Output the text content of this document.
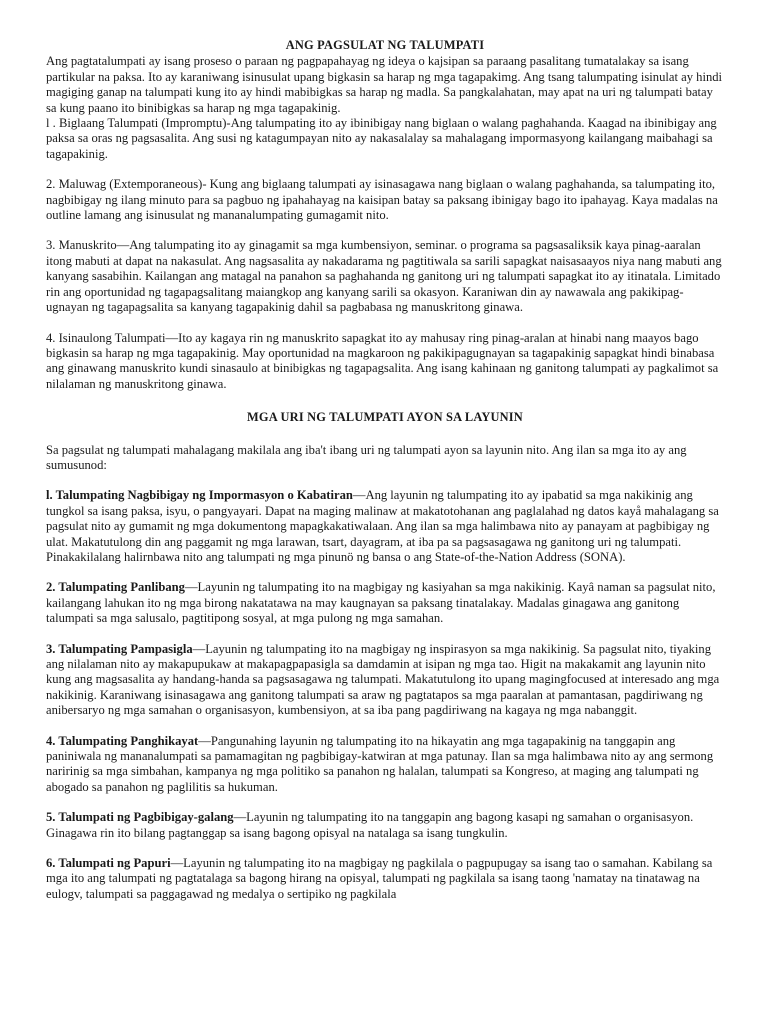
ANG PAGSULAT NG TALUMPATI

Ang pagtatalumpati ay isang proseso o paraan ng pagpapahayag ng ideya o kajsipan sa paraang pasalitang tumatalakay sa isang partikular na paksa. Ito ay karaniwang isinusulat upang bigkasin sa harap ng mga tagapakimg. Ang tsang talumpating isinulat ay hindi magiging ganap na talumpati kung ito ay hindi mabibigkas sa harap ng madla. Sa pangkalahatan, may apat na uri ng talumpati batay sa kung paano ito binibigkas sa harap ng mga tagapakinig.

l . Biglaang Talumpati (Impromptu)-Ang talumpating ito ay ibinibigay nang biglaan o walang paghahanda. Kaagad na ibinibigay ang paksa sa oras ng pagsasalita. Ang susi ng katagumpayan nito ay nakasalalay sa mahalagang impormasyong kailangang maibahagi sa tagapakinig.

2. Maluwag (Extemporaneous)- Kung ang biglaang talumpati ay isinasagawa nang biglaan o walang paghahanda, sa talumpating ito, nagbibigay ng ilang minuto para sa pagbuo ng ipahahayag na kaisipan batay sa paksang ibinigay bago ito ipahayag. Kaya madalas na outline lamang ang isinusulat ng mananalumpating gumagamit nito.

3. Manuskrito—Ang talumpating ito ay ginagamit sa mga kumbensiyon, seminar. o programa sa pagsasaliksik kaya pinag-aaralan itong mabuti at dapat na nakasulat. Ang nagsasalita ay nakadarama ng pagtitiwala sa sarili sapagkat naisasaayos niya nang mabuti ang kanyang sasabihin. Kailangan ang matagal na panahon sa paghahanda ng ganitong uri ng talumpati sapagkat ito ay itinatala. Limitado rin ang oportunidad ng tagapagsalitang maiangkop ang kanyang sarili sa okasyon. Karaniwan din ay nawawala ang pakikipag-ugnayan ng tagapagsalita sa kanyang tagapakinig dahil sa pagbabasa ng manuskritong ginawa.

4. Isinaulong Talumpati—Ito ay kagaya rin ng manuskrito sapagkat ito ay mahusay ring pinag-aralan at hinabi nang maayos bago bigkasin sa harap ng mga tagapakinig. May oportunidad na magkaroon ng pakikipagugnayan sa tagapakinig sapagkat hindi binabasa ang ginawang manuskrito kundi sinasaulo at binibigkas ng tagapagsalita. Ang isang kahinaan ng ganitong talumpati ay pagkalimot sa nilalaman ng manuskritong ginawa.

MGA URI NG TALUMPATI AYON SA LAYUNIN

Sa pagsulat ng talumpati mahalagang makilala ang iba't ibang uri ng talumpati ayon sa layunin nito. Ang ilan sa mga ito ay ang sumusunod:

l. Talumpating Nagbibigay ng Impormasyon o Kabatiran—Ang layunin ng talumpating ito ay ipabatid sa mga nakikinig ang tungkol sa isang paksa, isyu, o pangyayari. Dapat na maging malinaw at makatotohanan ang paglalahad ng datos kayå mahalagang sa pagsulat nito ay gumamit ng mga dokumentong mapagkakatiwalaan. Ang ilan sa mga halimbawa nito ay panayam at pagbibigay ng ulat. Makatutulong din ang paggamit ng mga larawan, tsart, dayagram, at iba pa sa pagsasagawa ng ganitong uri ng talumpati. Pinakakilalang halirnbawa nito ang talumpati ng mga pinunö ng bansa o ang State-of-the-Nation Address (SONA).

2. Talumpating Panlibang—Layunin ng talumpating ito na magbigay ng kasiyahan sa mga nakikinig. Kayâ naman sa pagsulat nito, kailangang lahukan ito ng mga birong nakatatawa na may kaugnayan sa paksang tinatalakay. Madalas ginagawa ang ganitong talumpati sa mga salusalo, pagtitipong sosyal, at mga pulong ng mga samahan.

3. Talumpating Pampasigla—Layunin ng talumpating ito na magbigay ng inspirasyon sa mga nakikinig. Sa pagsulat nito, tiyaking ang nilalaman nito ay makapupukaw at makapagpapasigla sa damdamin at isipan ng mga tao. Higit na makakamit ang layunin nito kung ang magsasalita ay handang-handa sa pagsasagawa ng talumpati. Makatutulong ito upang magingfocused at interesado ang mga nakikinig. Karaniwang isinasagawa ang ganitong talumpati sa araw ng pagtatapos sa mga paaralan at pamantasan, pagdiriwang ng anibersaryo ng mga samahan o organisasyon, kumbensiyon, at sa iba pang pagdiriwang na kagaya ng mga nabanggit.

4. Talumpating Panghikayat—Pangunahing layunin ng talumpating ito na hikayatin ang mga tagapakinig na tanggapin ang paniniwala ng mananalumpati sa pamamagitan ng pagbibigay-katwiran at mga patunay. Ilan sa mga halimbawa nito ay ang sermong naririnig sa mga simbahan, kampanya ng mga politiko sa panahon ng halalan, talumpati sa Kongreso, at maging ang talumpati ng abogado sa panahon ng paglilitis sa hukuman.

5. Talumpati ng Pagbibigay-galang—Layunin ng talumpating ito na tanggapin ang bagong kasapi ng samahan o organisasyon. Ginagawa rin ito bilang pagtanggap sa isang bagong opisyal na natalaga sa isang tungkulin.

6. Talumpati ng Papuri—Layunin ng talumpating ito na magbigay ng pagkilala o pagpupugay sa isang tao o samahan. Kabilang sa mga ito ang talumpati ng pagtatalaga sa bagong hirang na opisyal, talumpati ng pagkilala sa isang taong 'namatay na tinatawag na eulogv, talumpati sa paggagawad ng medalya o sertipiko ng pagkilala
